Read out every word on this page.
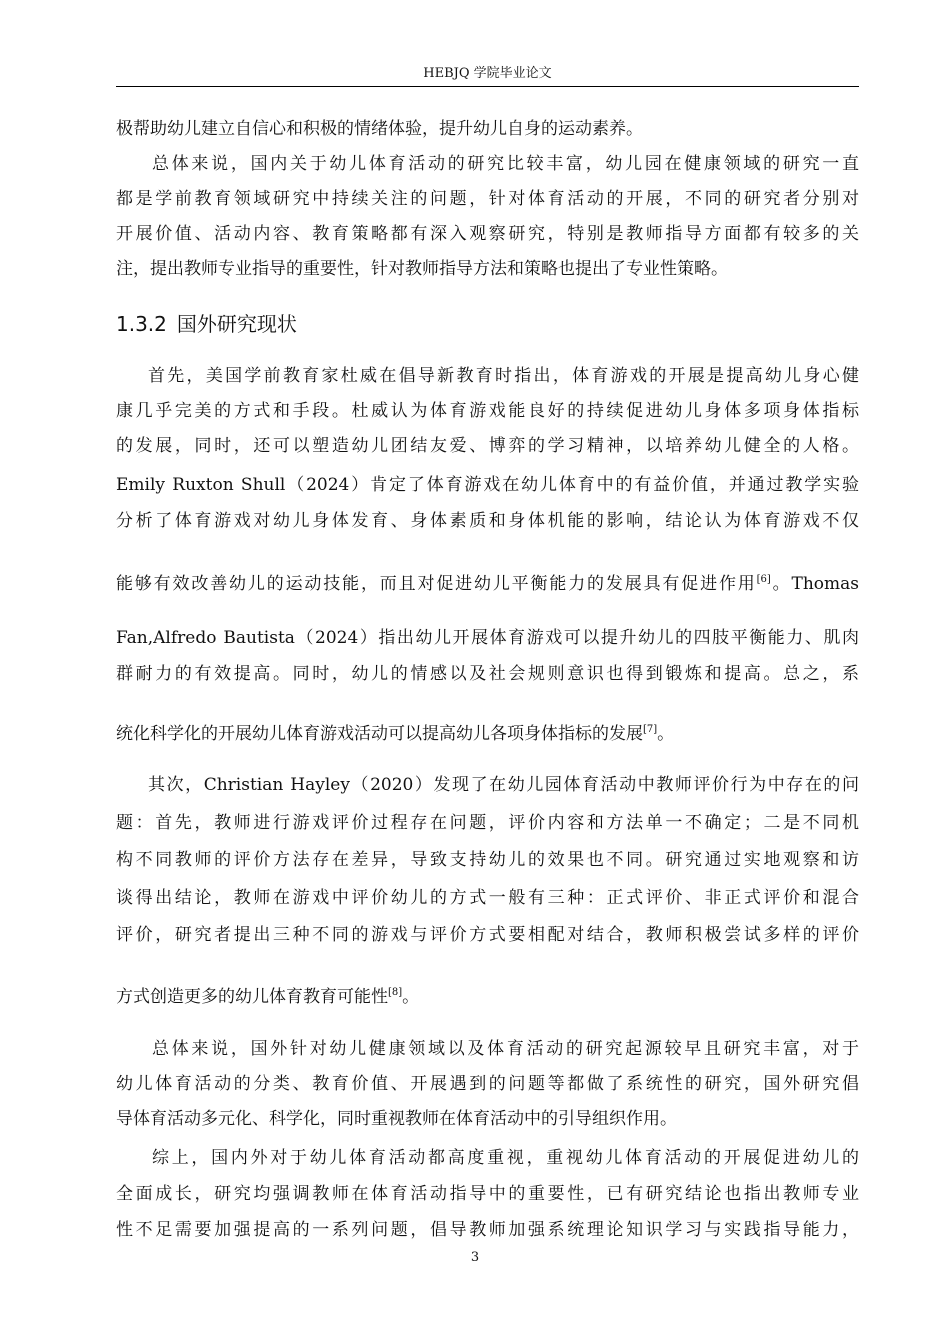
HEBJQ 学院毕业论文
极帮助幼儿建立自信心和积极的情绪体验，提升幼儿自身的运动素养。
总体来说，国内关于幼儿体育活动的研究比较丰富，幼儿园在健康领域的研究一直
都是学前教育领域研究中持续关注的问题，针对体育活动的开展，不同的研究者分别对
开展价值、活动内容、教育策略都有深入观察研究，特别是教师指导方面都有较多的关
注，提出教师专业指导的重要性，针对教师指导方法和策略也提出了专业性策略。
1.3.2 国外研究现状
首先，美国学前教育家杜威在倡导新教育时指出，体育游戏的开展是提高幼儿身心健
康几乎完美的方式和手段。杜威认为体育游戏能良好的持续促进幼儿身体多项身体指标
的发展，同时，还可以塑造幼儿团结友爱、博弈的学习精神，以培养幼儿健全的人格。
Emily Ruxton Shull（2024）肯定了体育游戏在幼儿体育中的有益价值，并通过教学实验
分析了体育游戏对幼儿身体发育、身体素质和身体机能的影响，结论认为体育游戏不仅
能够有效改善幼儿的运动技能，而且对促进幼儿平衡能力的发展具有促进作用[6]。Thomas
Fan,Alfredo Bautista（2024）指出幼儿开展体育游戏可以提升幼儿的四肢平衡能力、肌肉
群耐力的有效提高。同时，幼儿的情感以及社会规则意识也得到锻炼和提高。总之，系
统化科学化的开展幼儿体育游戏活动可以提高幼儿各项身体指标的发展[7]。
其次，Christian Hayley（2020）发现了在幼儿园体育活动中教师评价行为中存在的问
题：首先，教师进行游戏评价过程存在问题，评价内容和方法单一不确定；二是不同机
构不同教师的评价方法存在差异，导致支持幼儿的效果也不同。研究通过实地观察和访
谈得出结论，教师在游戏中评价幼儿的方式一般有三种：正式评价、非正式评价和混合
评价，研究者提出三种不同的游戏与评价方式要相配对结合，教师积极尝试多样的评价
方式创造更多的幼儿体育教育可能性[8]。
总体来说，国外针对幼儿健康领域以及体育活动的研究起源较早且研究丰富，对于
幼儿体育活动的分类、教育价值、开展遇到的问题等都做了系统性的研究，国外研究倡
导体育活动多元化、科学化，同时重视教师在体育活动中的引导组织作用。
综上，国内外对于幼儿体育活动都高度重视，重视幼儿体育活动的开展促进幼儿的
全面成长，研究均强调教师在体育活动指导中的重要性，已有研究结论也指出教师专业
性不足需要加强提高的一系列问题，倡导教师加强系统理论知识学习与实践指导能力，
3
